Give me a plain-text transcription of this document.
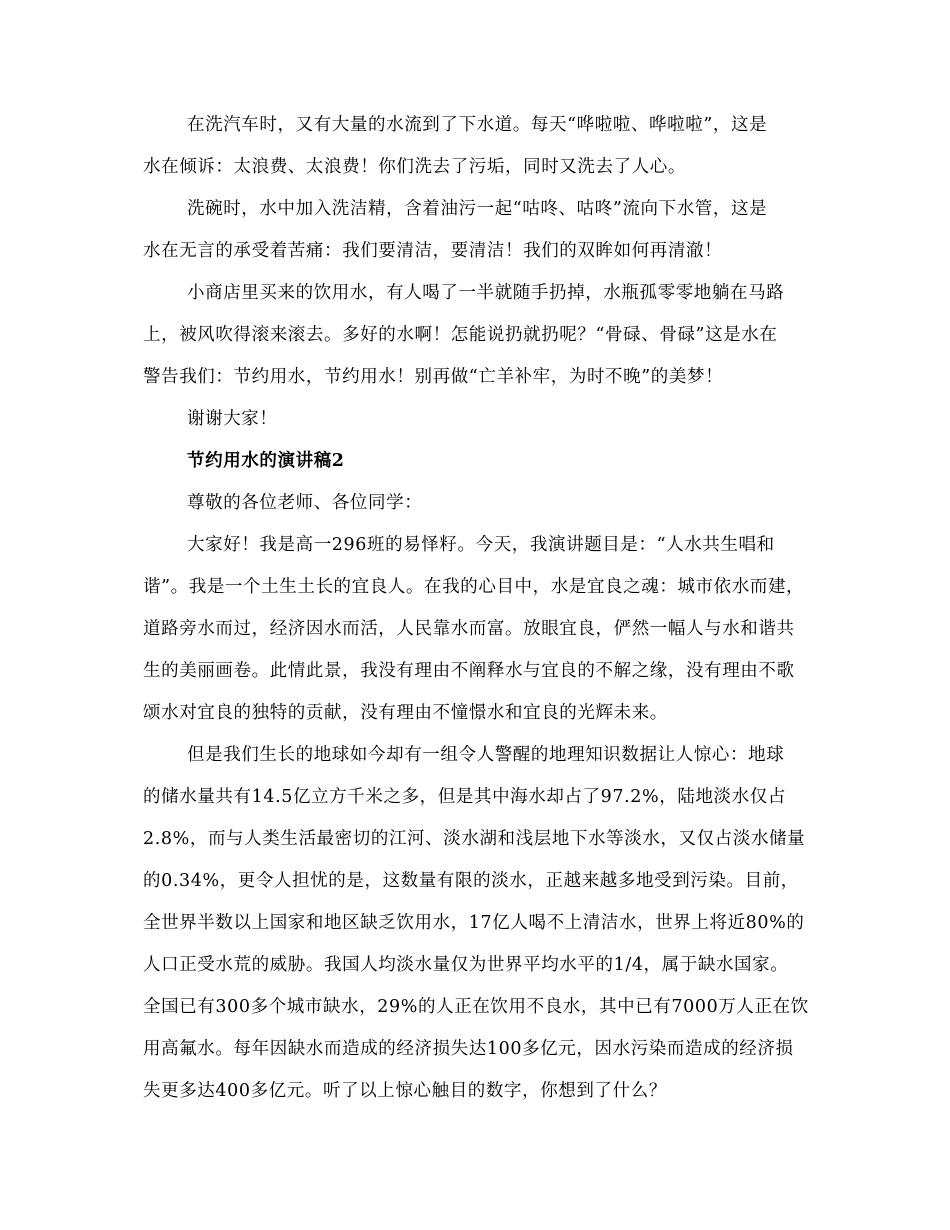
在洗汽车时，又有大量的水流到了下水道。每天“哗啦啦、哗啦啦”，这是
水在倾诉：太浪费、太浪费！你们洗去了污垢，同时又洗去了人心。

洗碗时，水中加入洗洁精，含着油污一起“咕咚、咕咚”流向下水管，这是
水在无言的承受着苦痛：我们要清洁，要清洁！我们的双眸如何再清澈！

小商店里买来的饮用水，有人喝了一半就随手扔掉，水瓶孤零零地躺在马路
上，被风吹得滚来滚去。多好的水啊！怎能说扔就扔呢？“骨碌、骨碌”这是水在
警告我们：节约用水，节约用水！别再做“亡羊补牢，为时不晚”的美梦！

谢谢大家！

节约用水的演讲稿2

尊敬的各位老师、各位同学：

大家好！我是高一296班的易怿籽。今天，我演讲题目是：“人水共生唱和
谐”。我是一个土生土长的宜良人。在我的心目中，水是宜良之魂：城市依水而建，
道路旁水而过，经济因水而活，人民靠水而富。放眼宜良，俨然一幅人与水和谐共
生的美丽画卷。此情此景，我没有理由不阐释水与宜良的不解之缘，没有理由不歌
颂水对宜良的独特的贡献，没有理由不憧憬水和宜良的光辉未来。

但是我们生长的地球如今却有一组令人警醒的地理知识数据让人惊心：地球
的储水量共有14.5亿立方千米之多，但是其中海水却占了97.2%，陆地淡水仅占
2.8%，而与人类生活最密切的江河、淡水湖和浅层地下水等淡水，又仅占淡水储量
的0.34%，更令人担忧的是，这数量有限的淡水，正越来越多地受到污染。目前，
全世界半数以上国家和地区缺乏饮用水，17亿人喝不上清洁水，世界上将近80%的
人口正受水荒的威胁。我国人均淡水量仅为世界平均水平的1/4，属于缺水国家。
全国已有300多个城市缺水，29%的人正在饮用不良水，其中已有7000万人正在饮
用高氟水。每年因缺水而造成的经济损失达100多亿元，因水污染而造成的经济损
失更多达400多亿元。听了以上惊心触目的数字，你想到了什么？
